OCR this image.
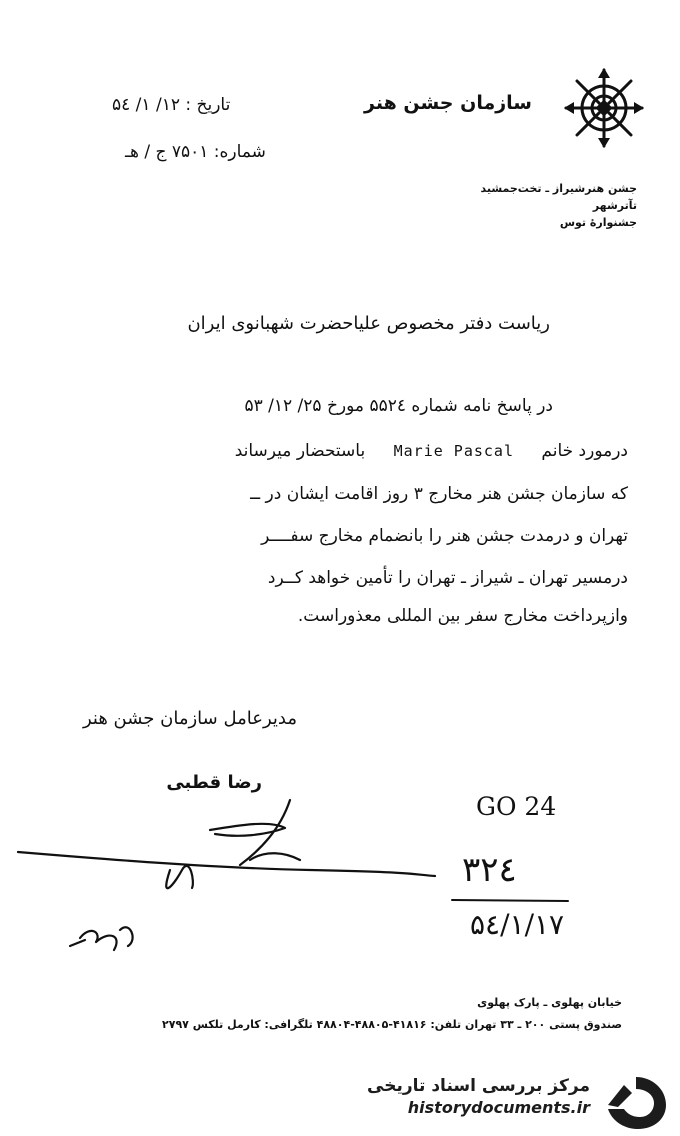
سازمان جشن هنر
تاریخ : ۱۲/ ۱/ ۵٤
شماره: ۷۵۰۱ ج / هـ
جشن هنرشیراز ـ تخت‌جمشید
تآترشهر
جشنوارهٔ توس
ریاست دفتر مخصوص علیاحضرت شهبانوی ایران
در پاسخ نامه شماره ۵۵۲٤ مورخ ۲۵/ ۱۲/ ۵۳
درمورد خانم Marie Pascal باستحضار میرساند
که سازمان جشن هنر مخارج ۳ روز اقامت ایشان در ــ
تهران و درمدت جشن هنر را بانضمام مخارج سفــــر
درمسیر تهران ـ شیراز ـ تهران را تأمین خواهد کــرد
وازپرداخت مخارج سفر بین المللی معذوراست.
مدیرعامل سازمان جشن هنر
رضا قطبی
GO 24
۳۲٤
۵٤/۱/۱۷
خیابان پهلوی ـ پارک پهلوی
صندوق پستی ۲۰۰ ـ ۳۳ تهران تلفن: ۴۱۸۱۶-۴۸۸۰۵-۴۸۸۰۴ تلگرافی: کارمل تلکس ۲۷۹۷
مرکز بررسی اسناد تاریخی
historydocuments.ir
